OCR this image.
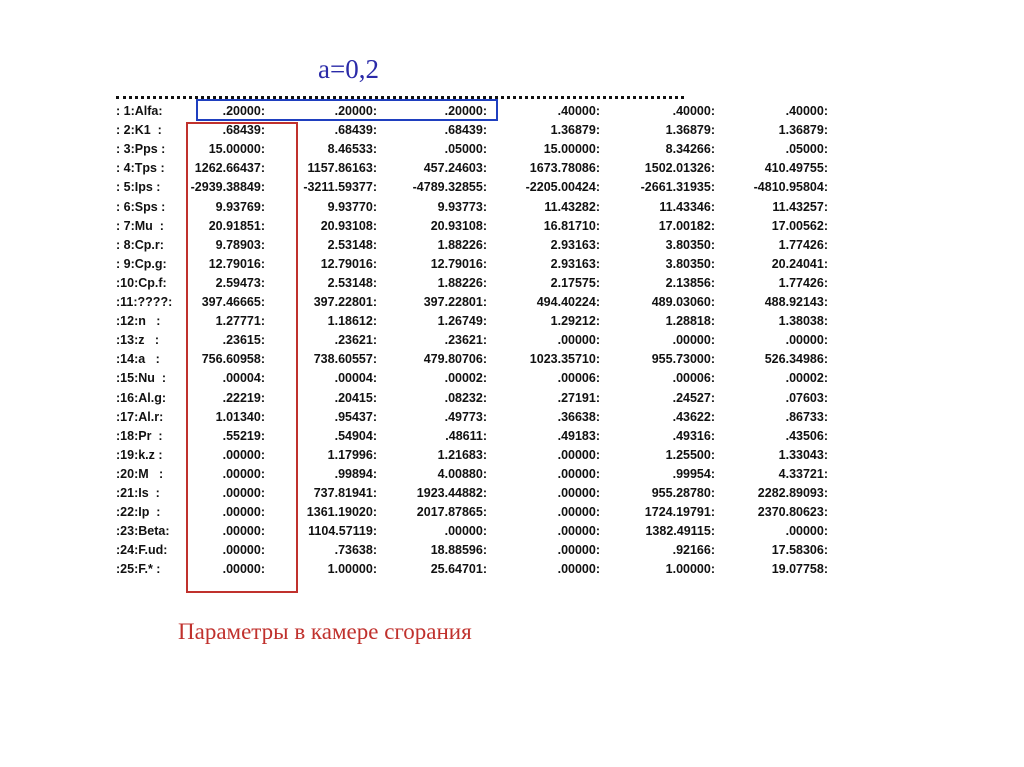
a=0,2
: 1:Alfa:	.20000:	.20000:	.20000:	.40000:	.40000:	.40000:
: 2:K1  :	.68439:	.68439:	.68439:	1.36879:	1.36879:	1.36879:
: 3:Pps :	15.00000:	8.46533:	.05000:	15.00000:	8.34266:	.05000:
: 4:Tps : 1262.66437:	1157.86163:	457.24603:	1673.78086:	1502.01326:	410.49755:
: 5:Ips : -2939.38849:	-3211.59377:	-4789.32855:	-2205.00424:	-2661.31935:	-4810.95804:
: 6:Sps :	9.93769:	9.93770:	9.93773:	11.43282:	11.43346:	11.43257:
: 7:Mu  :	20.91851:	20.93108:	20.93108:	16.81710:	17.00182:	17.00562:
: 8:Cp.r:	9.78903:	2.53148:	1.88226:	2.93163:	3.80350:	1.77426:
: 9:Cp.g:	12.79016:	12.79016:	12.79016:	2.93163:	3.80350:	20.24041:
:10:Cp.f:	2.59473:	2.53148:	1.88226:	2.17575:	2.13856:	1.77426:
:11:????: 397.46665:	397.22801:	397.22801:	494.40224:	489.03060:	488.92143:
:12:n   :	1.27771:	1.18612:	1.26749:	1.29212:	1.28818:	1.38038:
:13:z   :	.23615:	.23621:	.23621:	.00000:	.00000:	.00000:
:14:a   :	756.60958:	738.60557:	479.80706:	1023.35710:	955.73000:	526.34986:
:15:Nu  :	.00004:	.00004:	.00002:	.00006:	.00006:	.00002:
:16:Al.g:	.22219:	.20415:	.08232:	.27191:	.24527:	.07603:
:17:Al.r:	1.01340:	.95437:	.49773:	.36638:	.43622:	.86733:
:18:Pr  :	.55219:	.54904:	.48611:	.49183:	.49316:	.43506:
:19:k.z :	.00000:	1.17996:	1.21683:	.00000:	1.25500:	1.33043:
:20:M   :	.00000:	.99894:	4.00880:	.00000:	.99954:	4.33721:
:21:Is  :	.00000:	737.81941:	1923.44882:	.00000:	955.28780:	2282.89093:
:22:Ip  :	.00000:	1361.19020:	2017.87865:	.00000:	1724.19791:	2370.80623:
:23:Beta:	.00000:	1104.57119:	.00000:	.00000:	1382.49115:	.00000:
:24:F.ud:	.00000:	.73638:	18.88596:	.00000:	.92166:	17.58306:
:25:F.* :	.00000:	1.00000:	25.64701:	.00000:	1.00000:	19.07758:
Параметры в камере сгорания
